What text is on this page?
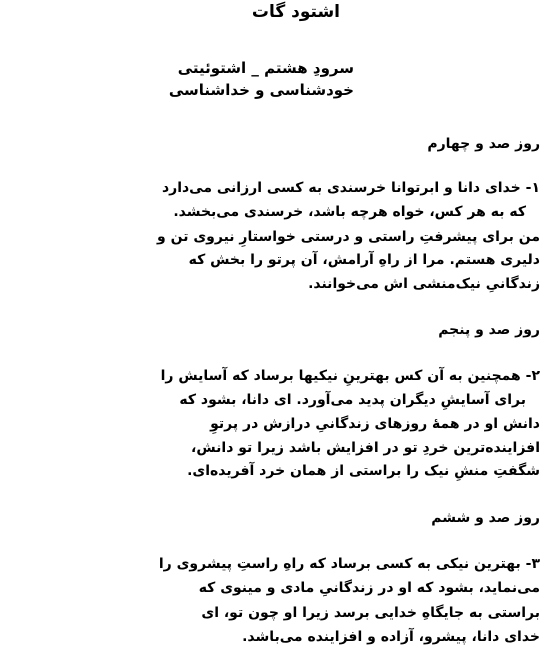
اشتود گات
سرودِ هشتم _ اشتوئیتی
خودشناسی و خداشناسی
روز صد و چهارم
۱- خدای دانا و ابرتوانا خرسندی به کسی ارزانی می‌دارد
که به هر کس، خواه هرچه باشد، خرسندی می‌بخشد.
من برای پیشرفتِ راستی و درستی خواستارِ نیروی تن و
دلیری هستم. مرا از راهِ آرامش، آن پرتو را بخش که
زندگانیِ نیک‌منشی اش می‌خوانند.
روز صد و پنجم
۲- همچنین به آن کس بهترینِ نیکیها برساد که آسایش را
برای آسایشِ دیگران پدید می‌آورد. ای دانا، بشود که
دانش او در همهٔ روزهای زندگانیِ درازش در پرتوِ
افزاینده‌ترین خردِ تو در افزایش باشد زیرا تو دانش،
شگفتِ منشِ نیک را براستی از همان خرد آفریده‌ای.
روز صد و ششم
۳- بهترین نیکی به کسی برساد که راهِ راستِ پیشروی را
می‌نماید، بشود که او در زندگانیِ مادی و مینوی که
براستی به جایگاهِ خدایی برسد زیرا او چون تو، ای
خدای دانا، پیشرو، آزاده و افزاینده می‌باشد.
